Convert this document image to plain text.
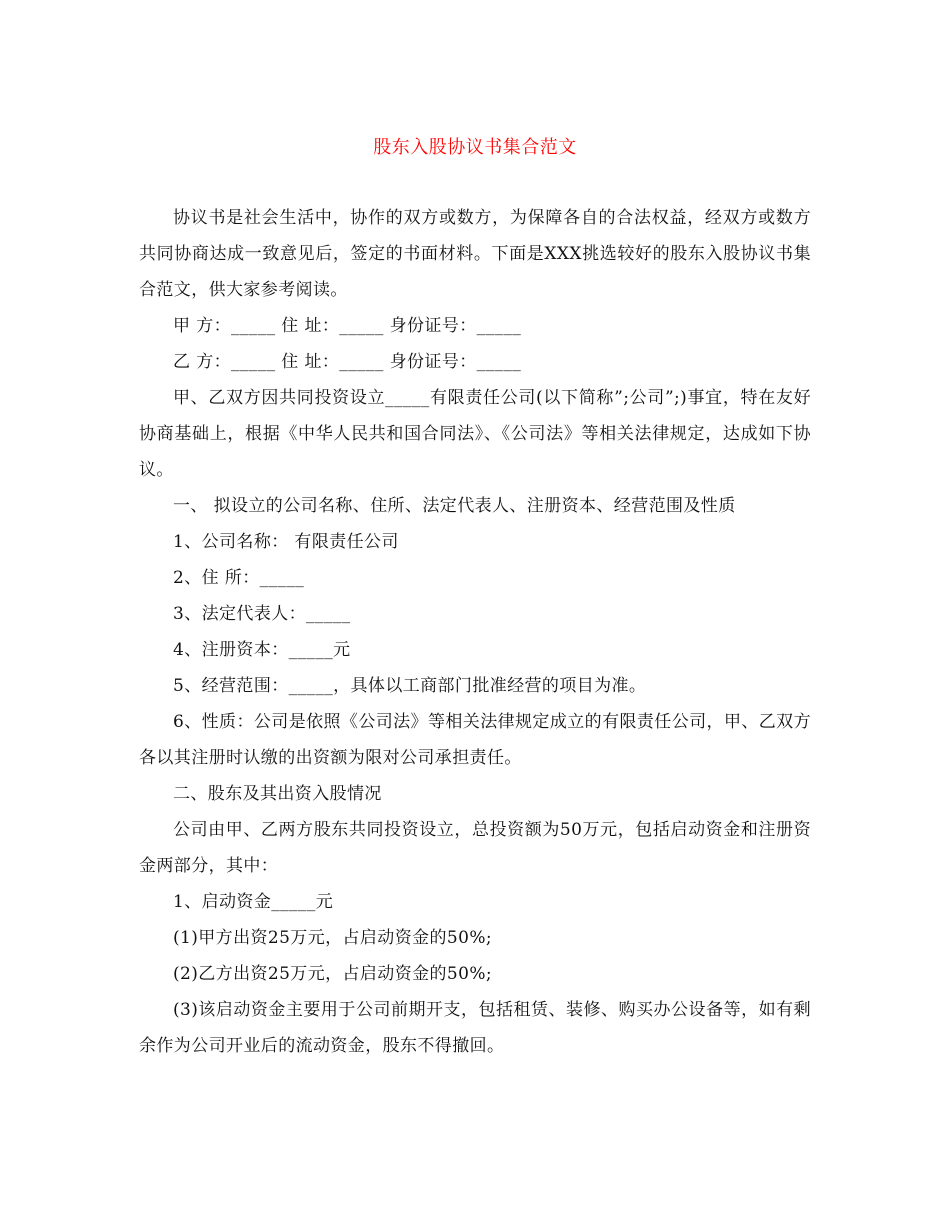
股东入股协议书集合范文

协议书是社会生活中，协作的双方或数方，为保障各自的合法权益，经双方或数方共同协商达成一致意见后，签定的书面材料。下面是XXX挑选较好的股东入股协议书集合范文，供大家参考阅读。

甲 方：_____ 住 址：_____ 身份证号：_____

乙 方：_____ 住 址：_____ 身份证号：_____

甲、乙双方因共同投资设立_____有限责任公司(以下简称”;公司”;)事宜，特在友好协商基础上，根据《中华人民共和国合同法》、《公司法》等相关法律规定，达成如下协议。

一、 拟设立的公司名称、住所、法定代表人、注册资本、经营范围及性质

1、公司名称： 有限责任公司

2、住 所：_____

3、法定代表人：_____

4、注册资本：_____元

5、经营范围：_____，具体以工商部门批准经营的项目为准。

6、性质：公司是依照《公司法》等相关法律规定成立的有限责任公司，甲、乙双方各以其注册时认缴的出资额为限对公司承担责任。

二、股东及其出资入股情况

公司由甲、乙两方股东共同投资设立，总投资额为50万元，包括启动资金和注册资金两部分，其中：

1、启动资金_____元

(1)甲方出资25万元，占启动资金的50%;

(2)乙方出资25万元，占启动资金的50%;

(3)该启动资金主要用于公司前期开支，包括租赁、装修、购买办公设备等，如有剩余作为公司开业后的流动资金，股东不得撤回。
